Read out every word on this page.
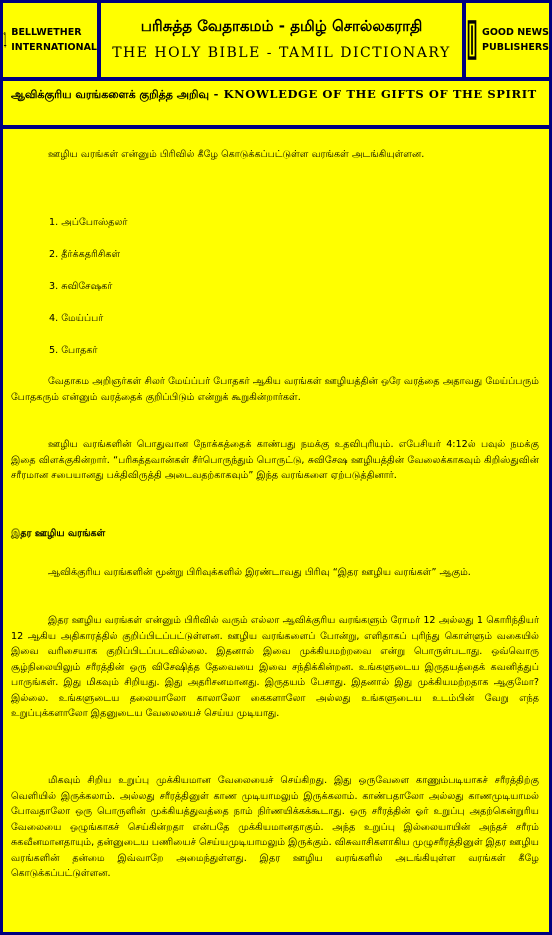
BELLWETHER
INTERNATIONAL
பரிசுத்த வேதாகமம் - தமிழ் சொல்லகராதி
THE HOLY BIBLE - TAMIL DICTIONARY
GOOD NEWS
PUBLISHERS
ஆவிக்குரிய வரங்களைக் குறித்த அறிவு - KNOWLEDGE OF THE GIFTS OF THE SPIRIT
ஊழிய வரங்கள் என்னும் பிரிவில் கீழே கொடுக்கப்பட்டுள்ள வரங்கள் அடங்கியுள்ளன.
1. அப்போஸ்தலர்
2. தீர்க்கதரிசிகள்
3. சுவிசேஷகர்
4. மேய்ப்பர்
5. போதகர்
வேதாகம அறிஞர்கள் சிலர் மேய்ப்பர் போதகர் ஆகிய வரங்கள் ஊழியத்தின் ஒரே வரத்தை அதாவது மேய்ப்பரும் போதகரும் என்னும் வரத்தைக் குறிப்பிடும் என்றுக் கூறுகின்றார்கள்.
ஊழிய வரங்களின் பொதுவான நோக்கத்தைக் காண்பது நமக்கு உதவிபுரியும். எபேசியர் 4:12ல் பவுல் நமக்கு இதை விளக்குகின்றார். “பரிசுத்தவான்கள் சீர்பொருந்தும் பொருட்டு, சுவிசேஷ ஊழியத்தின் வேலைக்காகவும் கிறிஸ்துவின் சரீரமான சபையானது பக்திவிருத்தி அடைவதற்காகவும்” இந்த வரங்களை ஏற்படுத்தினார்.
இதர ஊழிய வரங்கள்
ஆவிக்குரிய வரங்களின் மூன்று பிரிவுக்களில் இரண்டாவது பிரிவு “இதர ஊழிய வரங்கள்” ஆகும்.
இதர ஊழிய வரங்கள் என்னும் பிரிவில் வரும் எல்லா ஆவிக்குரிய வரங்களும் ரோமர் 12 அல்லது 1 கொரிந்தியர் 12 ஆகிய அதிகாரத்தில் குறிப்பிடப்பட்டுள்ளன. ஊழிய வரங்களைப் போன்று, எளிதாகப் புரிந்து கொள்ளும் வகையில் இவை வரிசையாக குறிப்பிடப்படவில்லை. இதனால் இவை முக்கியமற்றவை என்று பொருள்படாது. ஒவ்வொரு சூழ்நிலையிலும் சரீரத்தின் ஒரு விசேஷித்த தேவையை இவை சந்திக்கின்றன. உங்களுடைய இருதயத்தைக் கவனித்துப் பாருங்கள். இது மிகவும் சிறியது. இது அதரிசனமானது. இருதயம் பேசாது. இதனால் இது முக்கியமற்றதாக ஆகுமோ? இல்லை. உங்களுடைய தலையாலோ காலாலோ கைகளாலோ அல்லது உங்களுடைய உடம்பின் வேறு எந்த உறுப்புக்களாலோ இதனுடைய வேலையைச் செய்ய முடியாது.
மிகவும் சிறிய உறுப்பு முக்கியமான வேலையைச் செய்கிறது. இது ஒருவேளை காணும்படியாகச் சரீரத்திற்கு வெளியில் இருக்கலாம். அல்லது சரீரத்தினுள் காண முடியாமலும் இருக்கலாம். காண்பதாலோ அல்லது காணமுடியாமல் போவதாலோ ஒரு பொருளின் முக்கியத்துவத்தை நாம் நிர்ணயிக்கக்கூடாது. ஒரு சரீரத்தின் ஓர் உறுப்பு அதற்கென்றுரிய வேலையை ஒழுங்காகச் செய்கின்றதா என்பதே முக்கியமானதாகும். அந்த உறுப்பு இல்லையாயின் அந்தச் சரீரம் சுகவீனமானதாயும், தன்னுடைய பணியைச் செய்யமுடியாமலும் இருக்கும். விசுவாசிகளாகிய முழுசரீரத்தினுள் இதர ஊழிய வரங்களின் தன்மை இவ்வாறே அமைந்துள்ளது. இதர ஊழிய வரங்களில் அடங்கியுள்ள வரங்கள் கீழே கொடுக்கப்பட்டுள்ளன.
